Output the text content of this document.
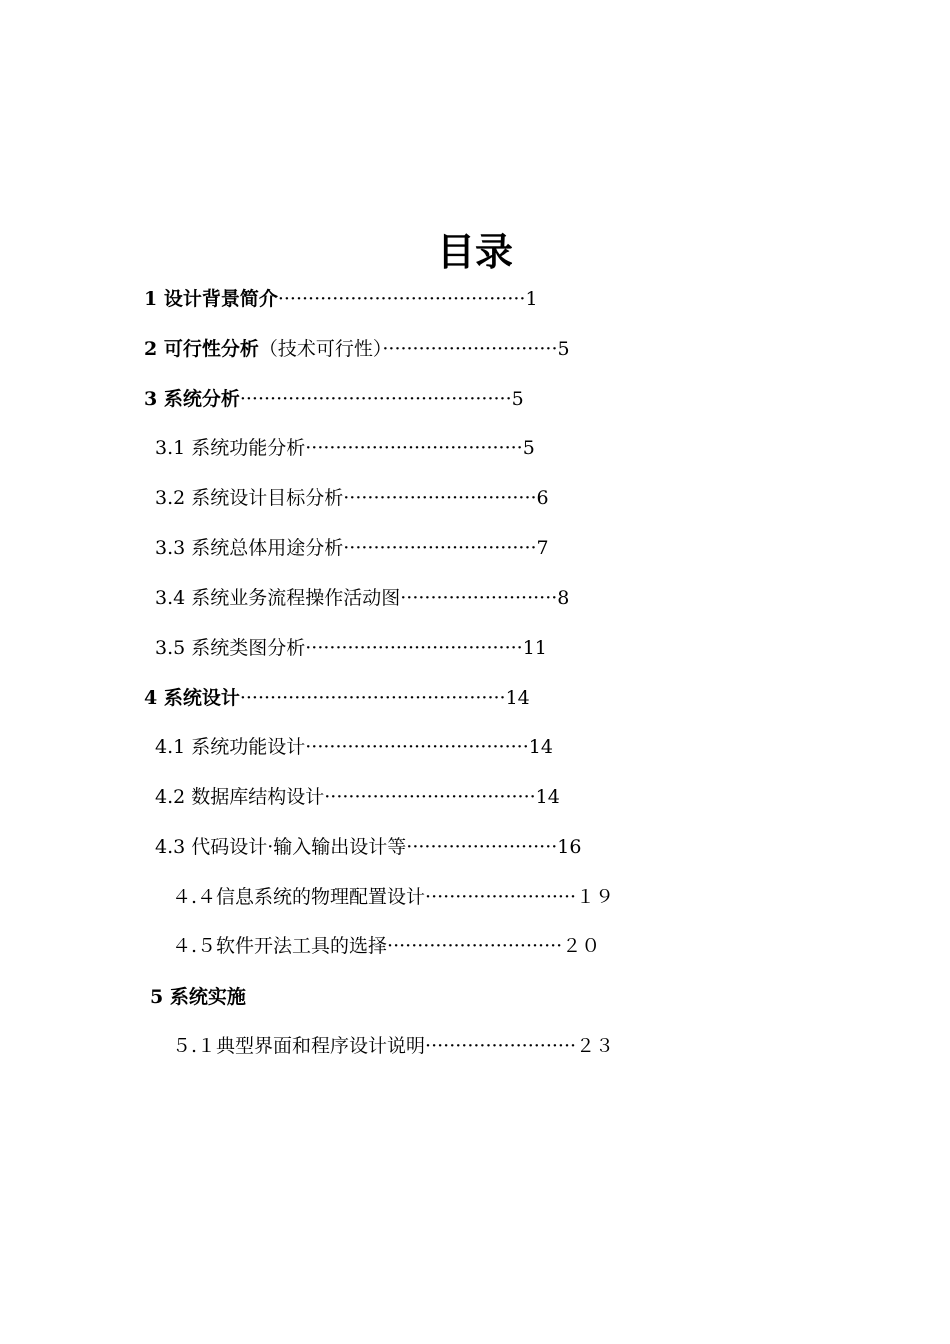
目录
1 设计背景简介·········································1
2 可行性分析（技术可行性）·····························5
3 系统分析·············································5
3.1 系统功能分析····································5
3.2 系统设计目标分析································6
3.3 系统总体用途分析································7
3.4 系统业务流程操作活动图··························8
3.5 系统类图分析····································11
4 系统设计············································14
4.1 系统功能设计·····································14
4.2 数据库结构设计···································14
4.3 代码设计·输入输出设计等·························16
４.４信息系统的物理配置设计·························１９
４.５软件开法工具的选择·····························２０
5 系统实施
５.１典型界面和程序设计说明·························２３
